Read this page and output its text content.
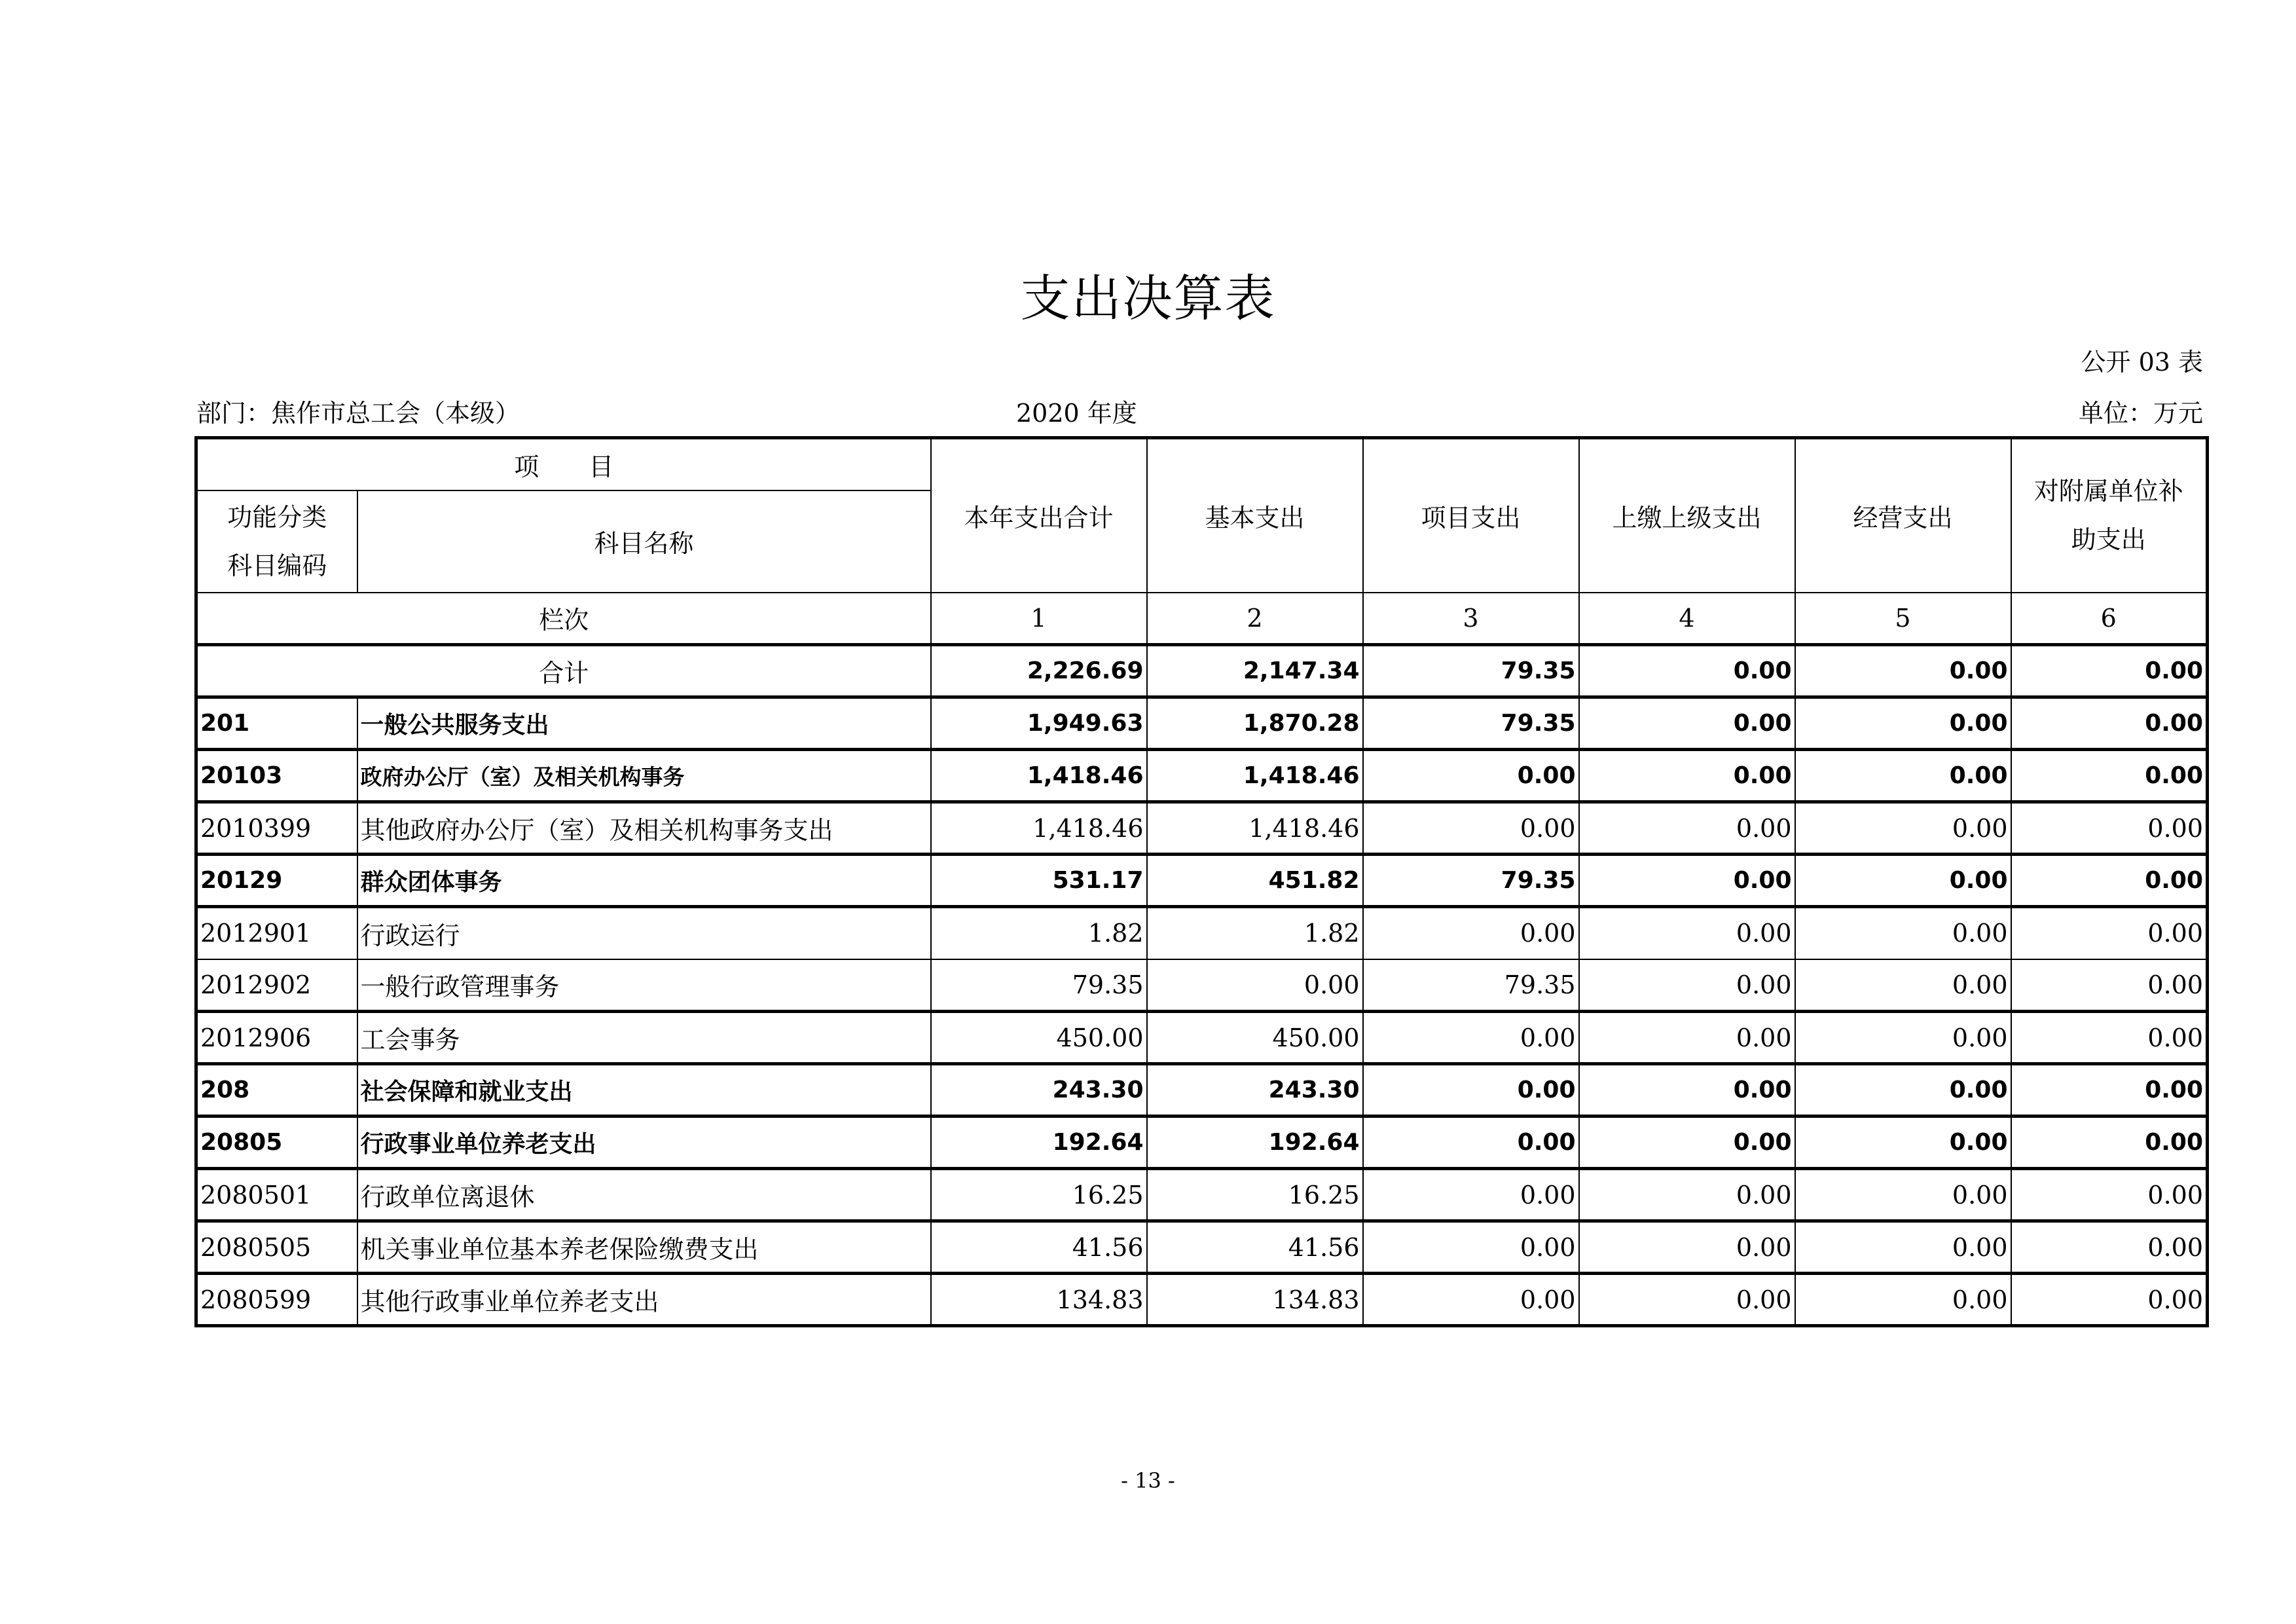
支出决算表
公开 03 表
部门：焦作市总工会（本级）	2020 年度	单位：万元
项　　目		本年支出合计	基本支出	项目支出	上缴上级支出	经营支出	对附属单位补
助支出

功能分类
科目编码	科目名称						
栏次		1	2	3	4	5	6
合计		2,226.69	2,147.34	79.35	0.00	0.00	0.00
201	一般公共服务支出	1,949.63	1,870.28	79.35	0.00	0.00	0.00
20103	政府办公厅（室）及相关机构事务	1,418.46	1,418.46	0.00	0.00	0.00	0.00
2010399	其他政府办公厅（室）及相关机构事务支出	1,418.46	1,418.46	0.00	0.00	0.00	0.00
20129	群众团体事务	531.17	451.82	79.35	0.00	0.00	0.00
2012901	行政运行	1.82	1.82	0.00	0.00	0.00	0.00
2012902	一般行政管理事务	79.35	0.00	79.35	0.00	0.00	0.00
2012906	工会事务	450.00	450.00	0.00	0.00	0.00	0.00
208	社会保障和就业支出	243.30	243.30	0.00	0.00	0.00	0.00
20805	行政事业单位养老支出	192.64	192.64	0.00	0.00	0.00	0.00
2080501	行政单位离退休	16.25	16.25	0.00	0.00	0.00	0.00
2080505	机关事业单位基本养老保险缴费支出	41.56	41.56	0.00	0.00	0.00	0.00
2080599	其他行政事业单位养老支出	134.83	134.83	0.00	0.00	0.00	0.00
- 13 -
